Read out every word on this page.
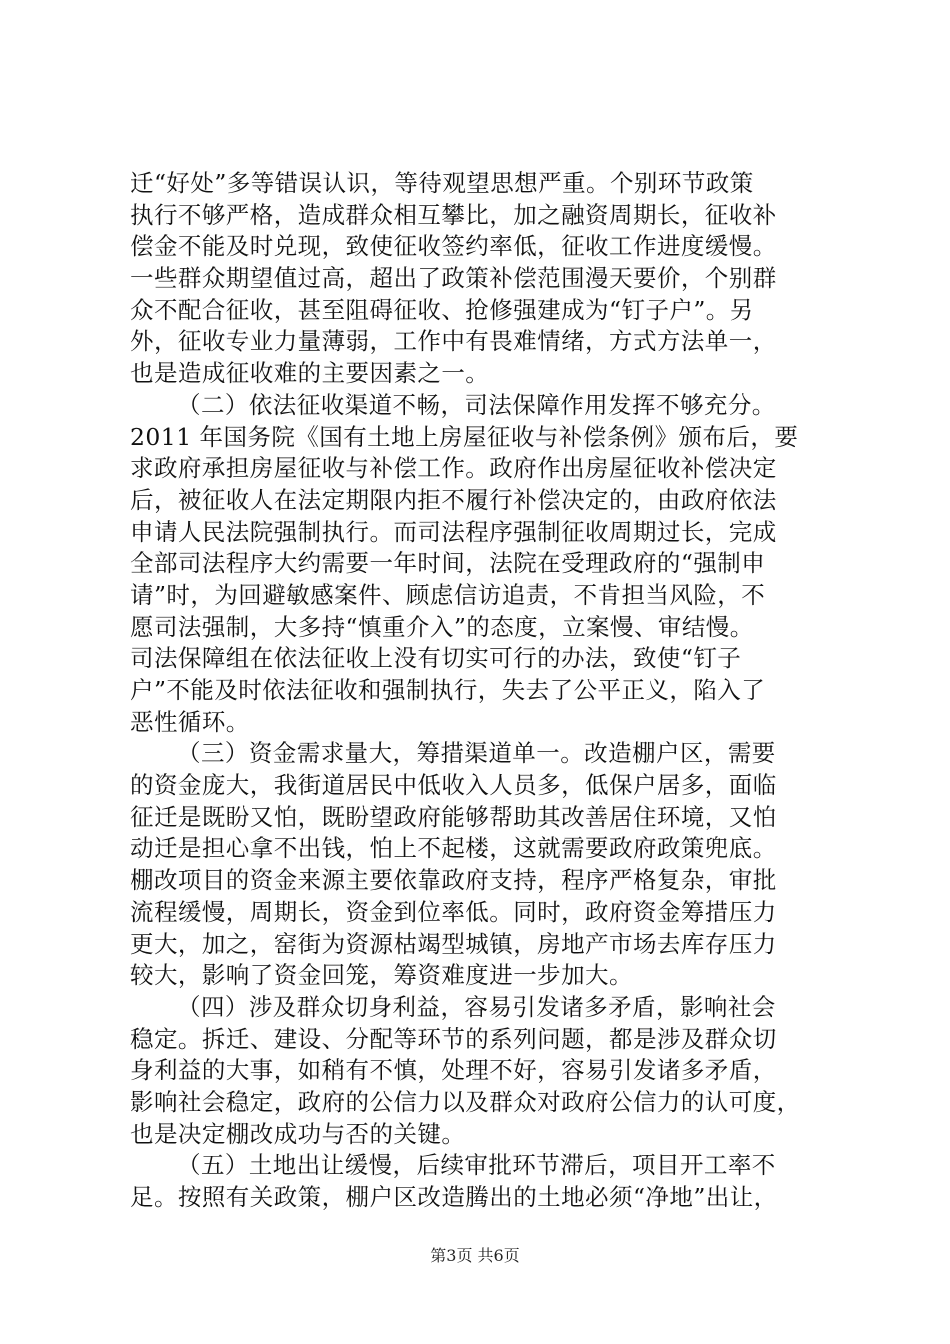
迁“好处”多等错误认识，等待观望思想严重。个别环节政策
执行不够严格，造成群众相互攀比，加之融资周期长，征收补
偿金不能及时兑现，致使征收签约率低，征收工作进度缓慢。
一些群众期望值过高，超出了政策补偿范围漫天要价，个别群
众不配合征收，甚至阻碍征收、抢修强建成为“钉子户”。另
外，征收专业力量薄弱，工作中有畏难情绪，方式方法单一，
也是造成征收难的主要因素之一。
（二）依法征收渠道不畅，司法保障作用发挥不够充分。
2011 年国务院《国有土地上房屋征收与补偿条例》颁布后，要
求政府承担房屋征收与补偿工作。政府作出房屋征收补偿决定
后，被征收人在法定期限内拒不履行补偿决定的，由政府依法
申请人民法院强制执行。而司法程序强制征收周期过长，完成
全部司法程序大约需要一年时间，法院在受理政府的“强制申
请”时，为回避敏感案件、顾虑信访追责，不肯担当风险，不
愿司法强制，大多持“慎重介入”的态度，立案慢、审结慢。
司法保障组在依法征收上没有切实可行的办法，致使“钉子
户”不能及时依法征收和强制执行，失去了公平正义，陷入了
恶性循环。
（三）资金需求量大，筹措渠道单一。改造棚户区，需要
的资金庞大，我街道居民中低收入人员多，低保户居多，面临
征迁是既盼又怕，既盼望政府能够帮助其改善居住环境，又怕
动迁是担心拿不出钱，怕上不起楼，这就需要政府政策兜底。
棚改项目的资金来源主要依靠政府支持，程序严格复杂，审批
流程缓慢，周期长，资金到位率低。同时，政府资金筹措压力
更大，加之，窑街为资源枯竭型城镇，房地产市场去库存压力
较大，影响了资金回笼，筹资难度进一步加大。
（四）涉及群众切身利益，容易引发诸多矛盾，影响社会
稳定。拆迁、建设、分配等环节的系列问题，都是涉及群众切
身利益的大事，如稍有不慎，处理不好，容易引发诸多矛盾，
影响社会稳定，政府的公信力以及群众对政府公信力的认可度，
也是决定棚改成功与否的关键。
（五）土地出让缓慢，后续审批环节滞后，项目开工率不
足。按照有关政策，棚户区改造腾出的土地必须“净地”出让，
第3页 共6页
